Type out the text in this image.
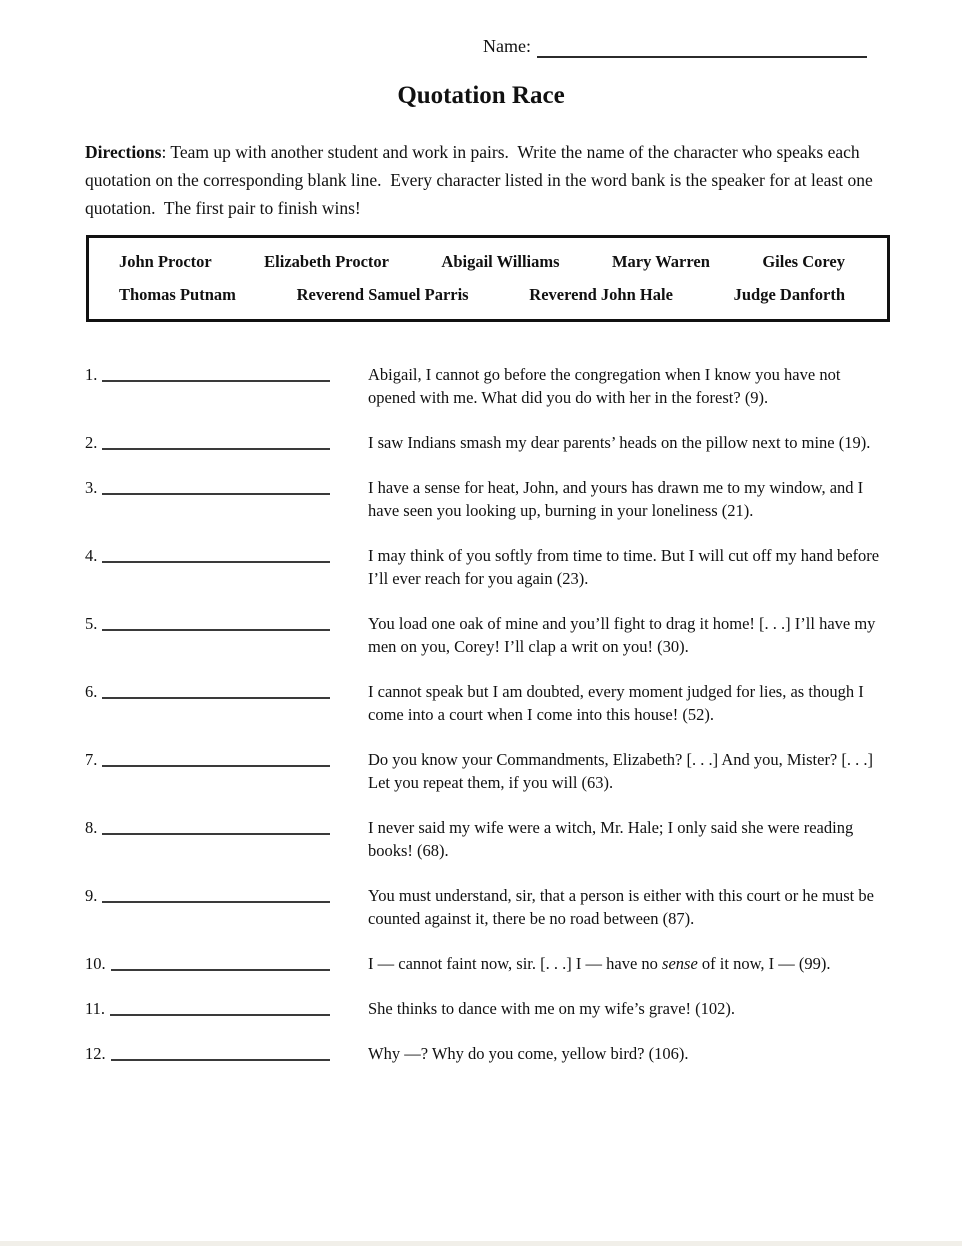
Name:
Quotation Race
Directions: Team up with another student and work in pairs.  Write the name of the character who speaks each quotation on the corresponding blank line.  Every character listed in the word bank is the speaker for at least one quotation.  The first pair to finish wins!
John Proctor	Elizabeth Proctor	Abigail Williams	Mary Warren	Giles Corey
Thomas Putnam	Reverend Samuel Parris	Reverend John Hale	Judge Danforth
1.	Abigail, I cannot go before the congregation when I know you have not opened with me. What did you do with her in the forest? (9).
2.	I saw Indians smash my dear parents’ heads on the pillow next to mine (19).
3.	I have a sense for heat, John, and yours has drawn me to my window, and I have seen you looking up, burning in your loneliness (21).
4.	I may think of you softly from time to time. But I will cut off my hand before I’ll ever reach for you again (23).
5.	You load one oak of mine and you’ll fight to drag it home! [. . .] I’ll have my men on you, Corey! I’ll clap a writ on you! (30).
6.	I cannot speak but I am doubted, every moment judged for lies, as though I come into a court when I come into this house! (52).
7.	Do you know your Commandments, Elizabeth? [. . .] And you, Mister? [. . .] Let you repeat them, if you will (63).
8.	I never said my wife were a witch, Mr. Hale; I only said she were reading books! (68).
9.	You must understand, sir, that a person is either with this court or he must be counted against it, there be no road between (87).
10.	I — cannot faint now, sir. [. . .] I — have no sense of it now, I — (99).
11.	She thinks to dance with me on my wife’s grave! (102).
12.	Why —? Why do you come, yellow bird? (106).
